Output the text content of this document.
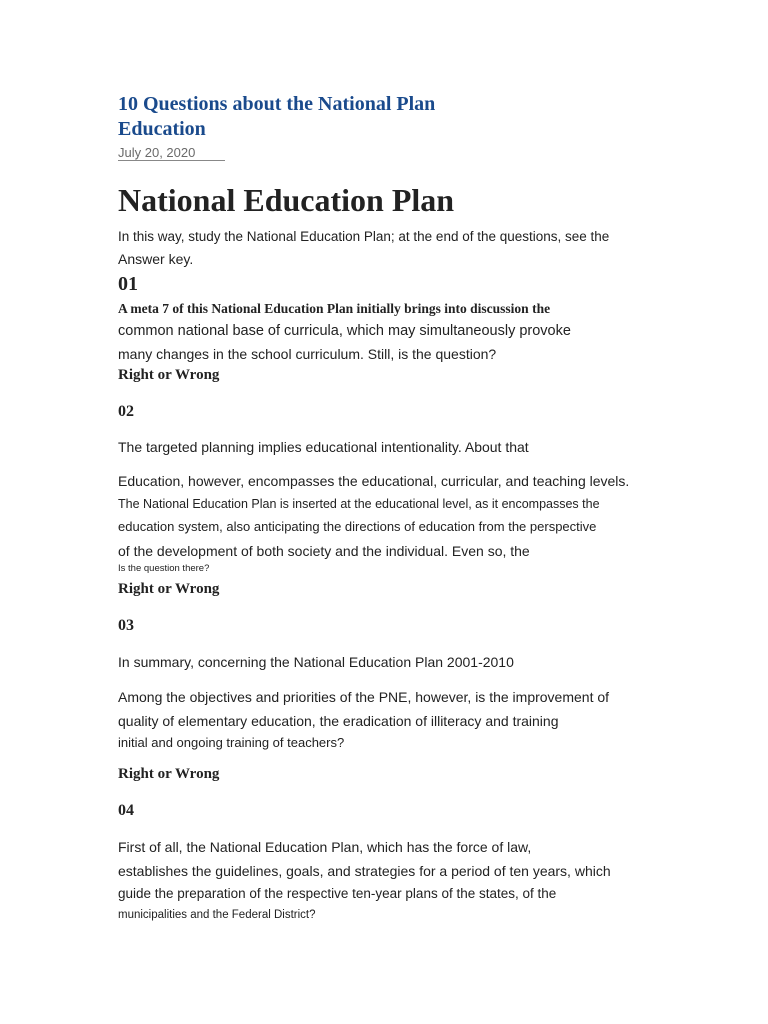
10 Questions about the National Plan Education
July 20, 2020
National Education Plan

In this way, study the National Education Plan; at the end of the questions, see the

Answer key.

01

A meta 7 of this National Education Plan initially brings into discussion the

common national base of curricula, which may simultaneously provoke

many changes in the school curriculum. Still, is the question?

Right or Wrong

02

The targeted planning implies educational intentionality. About that

Education, however, encompasses the educational, curricular, and teaching levels.

The National Education Plan is inserted at the educational level, as it encompasses the

education system, also anticipating the directions of education from the perspective

of the development of both society and the individual. Even so, the

Is the question there?

Right or Wrong

03

In summary, concerning the National Education Plan 2001-2010

Among the objectives and priorities of the PNE, however, is the improvement of

quality of elementary education, the eradication of illiteracy and training

initial and ongoing training of teachers?

Right or Wrong

04

First of all, the National Education Plan, which has the force of law,

establishes the guidelines, goals, and strategies for a period of ten years, which

guide the preparation of the respective ten-year plans of the states, of the

municipalities and the Federal District?
